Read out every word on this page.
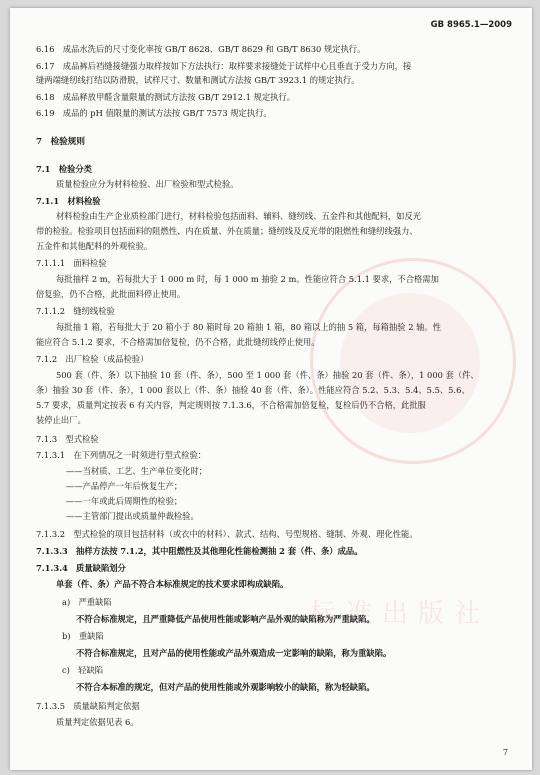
标准出版社
GB 8965.1—2009
6.16　成品水洗后的尺寸变化率按 GB/T 8628、GB/T 8629 和 GB/T 8630 规定执行。
6.17　成品裤后裆缝接缝强力取样按如下方法执行：取样要求接缝处于试样中心且垂直于受力方向，接
缝两端缝纫线打结以防滑脱，试样尺寸、数量和测试方法按 GB/T 3923.1 的规定执行。
6.18　成品释放甲醛含量限量的测试方法按 GB/T 2912.1 规定执行。
6.19　成品的 pH 值限量的测试方法按 GB/T 7573 规定执行。
7　检验规则
7.1　检验分类
质量检验应分为材料检验、出厂检验和型式检验。
7.1.1　材料检验
材料检验由生产企业质检部门进行，材料检验包括面料、辅料、缝纫线、五金件和其他配料，如反光
带的检验。检验项目包括面料的阻燃性、内在质量、外在质量；缝纫线及反光带的阻燃性和缝纫线强力、
五金件和其他配料的外观检验。
7.1.1.1　面料检验
每批抽样 2 m，若每批大于 1 000 m 时，每 1 000 m 抽验 2 m。性能应符合 5.1.1 要求，不合格需加
倍复验，仍不合格，此批面料停止使用。
7.1.1.2　缝纫线检验
每批抽 1 箱，若每批大于 20 箱小于 80 箱时每 20 箱抽 1 箱，80 箱以上的抽 5 箱，每箱抽验 2 轴。性
能应符合 5.1.2 要求，不合格需加倍复检，仍不合格，此批缝纫线停止使用。
7.1.2　出厂检验（成品检验）
500 套（件、条）以下抽验 10 套（件、条），500 至 1 000 套（件、条）抽验 20 套（件、条），1 000 套（件、
条）抽验 30 套（件、条），1 000 套以上（件、条）抽验 40 套（件、条）。性能应符合 5.2、5.3、5.4、5.5、5.6、
5.7 要求，质量判定按表 6 有关内容，判定规则按 7.1.3.6，不合格需加倍复检，复检后仍不合格，此批服
装停止出厂。
7.1.3　型式检验
7.1.3.1　在下列情况之一时须进行型式检验：
——当材质、工艺、生产单位变化时；
——产品停产一年后恢复生产；
——一年或此后周期性的检验；
——主管部门提出或质量仲裁检验。
7.1.3.2　型式检验的项目包括材料（或衣中的材料）、款式、结构、号型规格、缝制、外观、理化性能。
7.1.3.3　抽样方法按 7.1.2，其中阻燃性及其他理化性能检测抽 2 套（件、条）成品。
7.1.3.4　质量缺陷划分
单套（件、条）产品不符合本标准规定的技术要求即构成缺陷。
a)　严重缺陷
不符合标准规定，且严重降低产品使用性能或影响产品外观的缺陷称为严重缺陷。
b)　重缺陷
不符合标准规定，且对产品的使用性能或产品外观造成一定影响的缺陷，称为重缺陷。
c)　轻缺陷
不符合本标准的规定，但对产品的使用性能或外观影响较小的缺陷，称为轻缺陷。
7.1.3.5　质量缺陷判定依据
质量判定依据见表 6。
7
